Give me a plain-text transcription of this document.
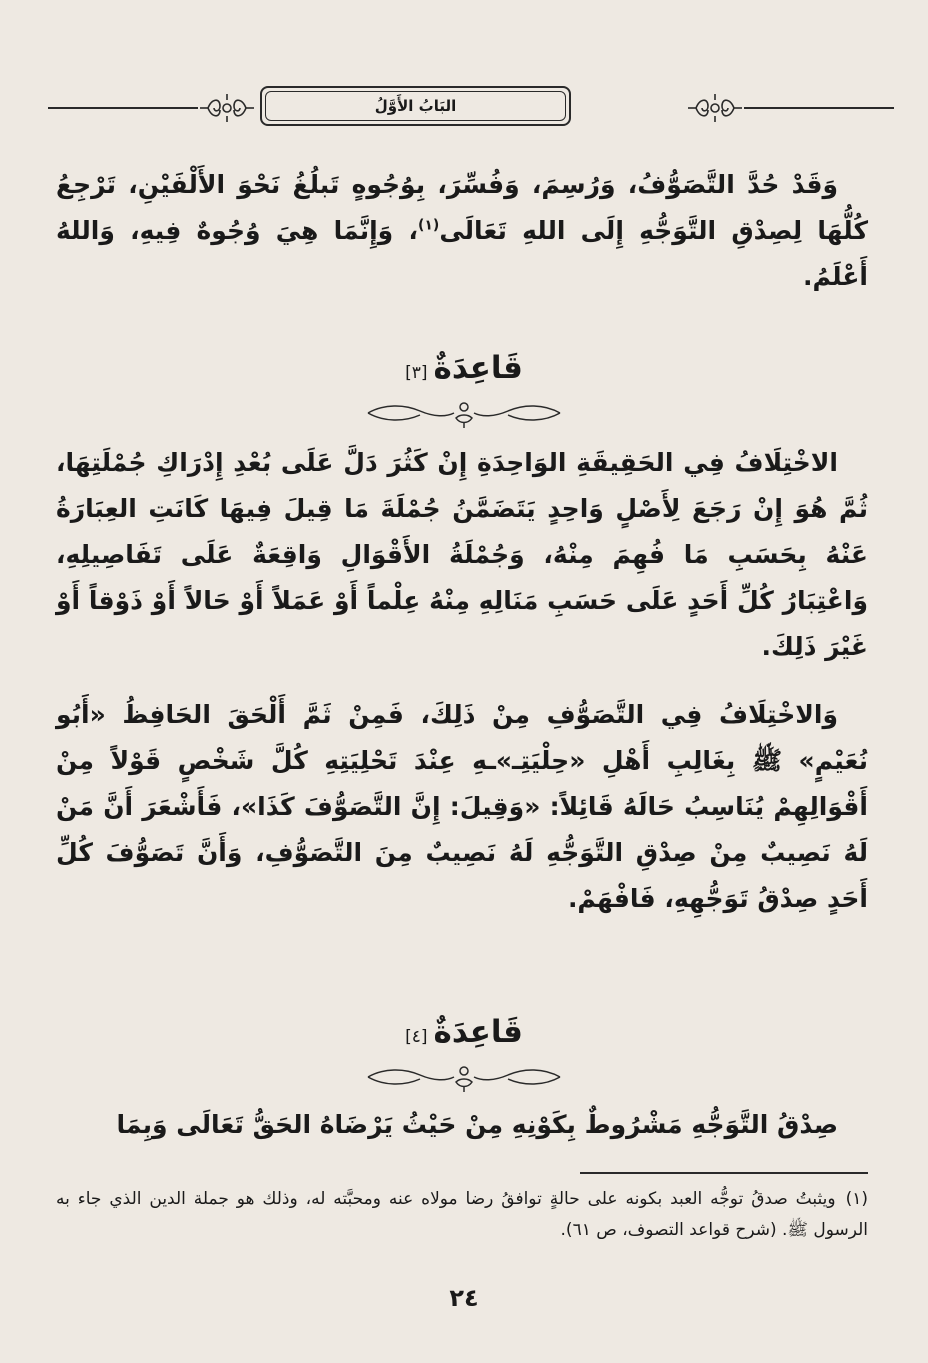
البَابُ الأَوَّلُ

وَقَدْ حُدَّ التَّصَوُّفُ، وَرُسِمَ، وَفُسِّرَ، بِوُجُوهٍ تَبلُغُ نَحْوَ الأَلْفَيْنِ، تَرْجِعُ كُلُّهَا لِصِدْقِ التَّوَجُّهِ إِلَى اللهِ تَعَالَى$^{(١)}$، وَإِنَّمَا هِيَ وُجُوهٌ فِيهِ، وَاللهُ أَعْلَمُ.

قَاعِدَةٌ[٣]

الاخْتِلَافُ فِي الحَقِيقَةِ الوَاحِدَةِ إِنْ كَثُرَ دَلَّ عَلَى بُعْدِ إِدْرَاكِ جُمْلَتِهَا، ثُمَّ هُوَ إِنْ رَجَعَ لِأَصْلٍ وَاحِدٍ يَتَضَمَّنُ جُمْلَةَ مَا قِيلَ فِيهَا كَانَتِ العِبَارَةُ عَنْهُ بِحَسَبِ مَا فُهِمَ مِنْهُ، وَجُمْلَةُ الأَقْوَالِ وَاقِعَةٌ عَلَى تَفَاصِيلِهِ، وَاعْتِبَارُ كُلِّ أَحَدٍ عَلَى حَسَبِ مَنَالِهِ مِنْهُ عِلْماً أَوْ عَمَلاً أَوْ حَالاً أَوْ ذَوْقاً أَوْ غَيْرَ ذَلِكَ.

وَالاخْتِلَافُ فِي التَّصَوُّفِ مِنْ ذَلِكَ، فَمِنْ ثَمَّ أَلْحَقَ الحَافِظُ «أَبُو نُعَيْمٍ» ﷺ بِغَالِبِ أَهْلِ «حِلْيَتِـ»ـهِ عِنْدَ تَحْلِيَتِهِ كُلَّ شَخْصٍ قَوْلاً مِنْ أَقْوَالِهِمْ يُنَاسِبُ حَالَهُ قَائِلاً: «وَقِيلَ: إِنَّ التَّصَوُّفَ كَذَا»، فَأَشْعَرَ أَنَّ مَنْ لَهُ نَصِيبٌ مِنْ صِدْقِ التَّوَجُّهِ لَهُ نَصِيبٌ مِنَ التَّصَوُّفِ، وَأَنَّ تَصَوُّفَ كُلِّ أَحَدٍ صِدْقُ تَوَجُّهِهِ، فَافْهَمْ.

قَاعِدَةٌ[٤]

صِدْقُ التَّوَجُّهِ مَشْرُوطٌ بِكَوْنِهِ مِنْ حَيْثُ يَرْضَاهُ الحَقُّ تَعَالَى وَبِمَا

(١)ويثبتُ صدقُ توجُّه العبد بكونه على حالةٍ توافقُ رضا مولاه عنه ومحبَّته له، وذلك هو جملة الدين الذي جاء به الرسول ﷺ. (شرح قواعد التصوف، ص ٦١).

٢٤
